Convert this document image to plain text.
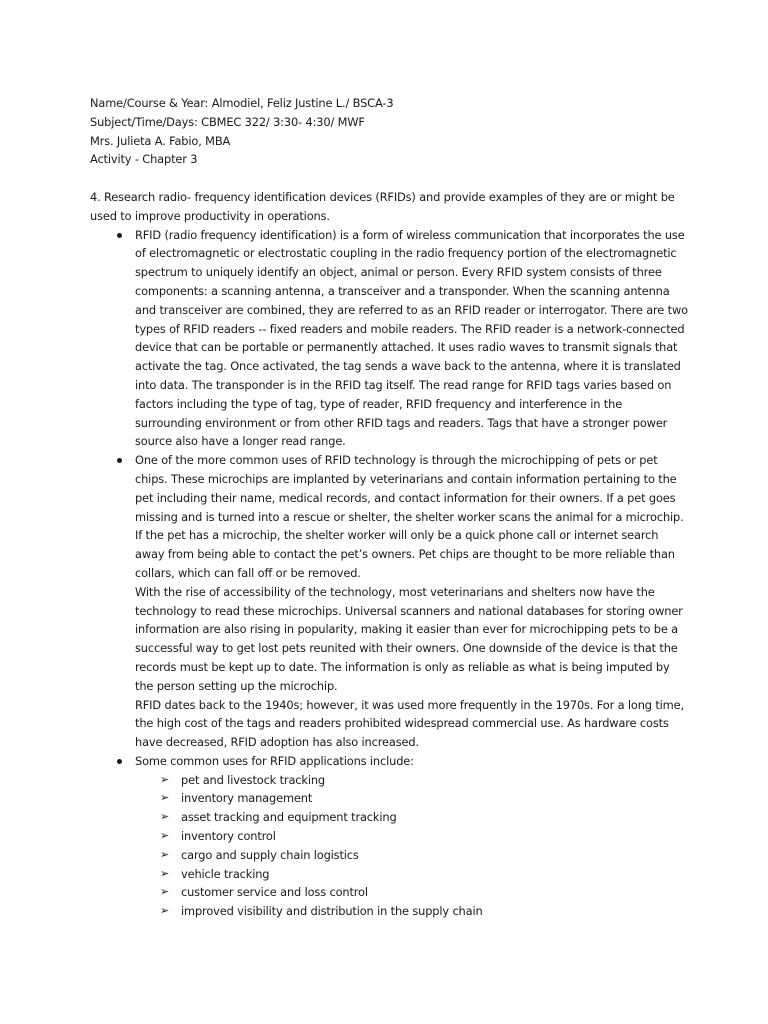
Name/Course & Year: Almodiel, Feliz Justine L./ BSCA-3

Subject/Time/Days: CBMEC 322/ 3:30- 4:30/ MWF

Mrs. Julieta A. Fabio, MBA

Activity - Chapter 3

4. Research radio- frequency identification devices (RFIDs) and provide examples of they are or might be used to improve productivity in operations.

RFID (radio frequency identification) is a form of wireless communication that incorporates the use of electromagnetic or electrostatic coupling in the radio frequency portion of the electromagnetic spectrum to uniquely identify an object, animal or person. Every RFID system consists of three components: a scanning antenna, a transceiver and a transponder. When the scanning antenna and transceiver are combined, they are referred to as an RFID reader or interrogator. There are two types of RFID readers -- fixed readers and mobile readers. The RFID reader is a network-connected device that can be portable or permanently attached. It uses radio waves to transmit signals that activate the tag. Once activated, the tag sends a wave back to the antenna, where it is translated into data. The transponder is in the RFID tag itself. The read range for RFID tags varies based on factors including the type of tag, type of reader, RFID frequency and interference in the surrounding environment or from other RFID tags and readers. Tags that have a stronger power source also have a longer read range.

One of the more common uses of RFID technology is through the microchipping of pets or pet chips. These microchips are implanted by veterinarians and contain information pertaining to the pet including their name, medical records, and contact information for their owners. If a pet goes missing and is turned into a rescue or shelter, the shelter worker scans the animal for a microchip. If the pet has a microchip, the shelter worker will only be a quick phone call or internet search away from being able to contact the pet’s owners. Pet chips are thought to be more reliable than collars, which can fall off or be removed.

With the rise of accessibility of the technology, most veterinarians and shelters now have the technology to read these microchips. Universal scanners and national databases for storing owner information are also rising in popularity, making it easier than ever for microchipping pets to be a successful way to get lost pets reunited with their owners. One downside of the device is that the records must be kept up to date. The information is only as reliable as what is being imputed by the person setting up the microchip.

RFID dates back to the 1940s; however, it was used more frequently in the 1970s. For a long time, the high cost of the tags and readers prohibited widespread commercial use. As hardware costs have decreased, RFID adoption has also increased.

Some common uses for RFID applications include:

➢ pet and livestock tracking
➢ inventory management
➢ asset tracking and equipment tracking
➢ inventory control
➢ cargo and supply chain logistics
➢ vehicle tracking
➢ customer service and loss control
➢ improved visibility and distribution in the supply chain
